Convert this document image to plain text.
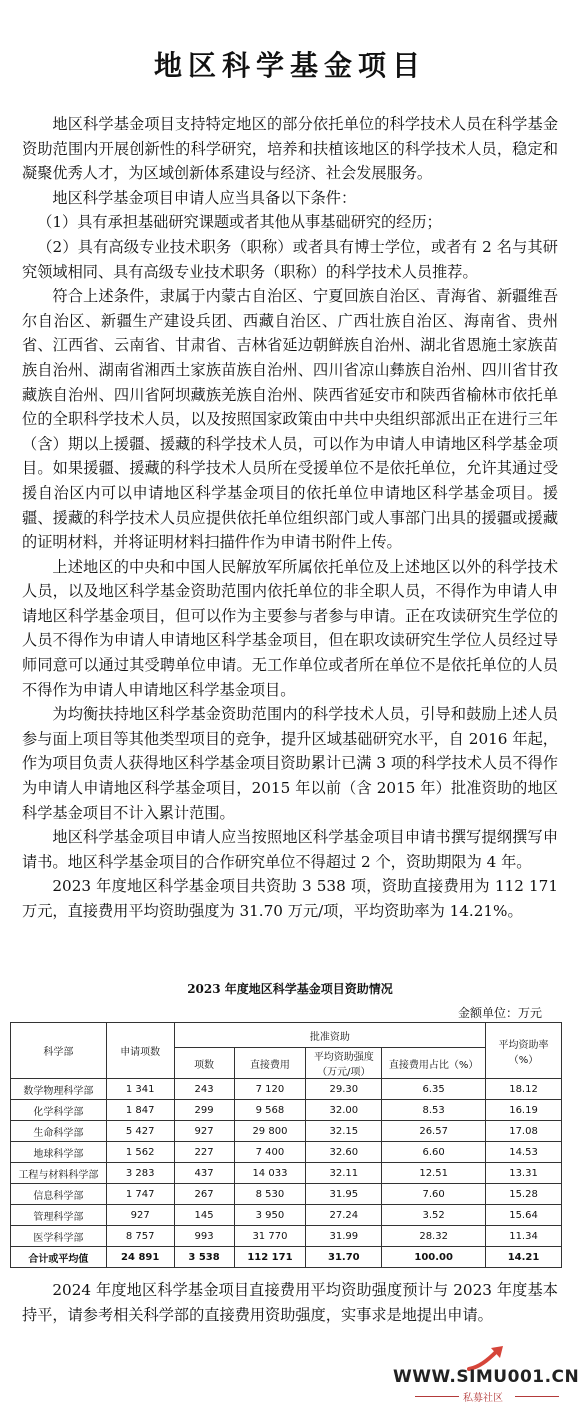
地区科学基金项目

地区科学基金项目支持特定地区的部分依托单位的科学技术人员在科学基金资助范围内开展创新性的科学研究，培养和扶植该地区的科学技术人员，稳定和凝聚优秀人才，为区域创新体系建设与经济、社会发展服务。

地区科学基金项目申请人应当具备以下条件：

（1）具有承担基础研究课题或者其他从事基础研究的经历；

（2）具有高级专业技术职务（职称）或者具有博士学位，或者有 2 名与其研究领域相同、具有高级专业技术职务（职称）的科学技术人员推荐。

符合上述条件，隶属于内蒙古自治区、宁夏回族自治区、青海省、新疆维吾尔自治区、新疆生产建设兵团、西藏自治区、广西壮族自治区、海南省、贵州省、江西省、云南省、甘肃省、吉林省延边朝鲜族自治州、湖北省恩施土家族苗族自治州、湖南省湘西土家族苗族自治州、四川省凉山彝族自治州、四川省甘孜藏族自治州、四川省阿坝藏族羌族自治州、陕西省延安市和陕西省榆林市依托单位的全职科学技术人员，以及按照国家政策由中共中央组织部派出正在进行三年（含）期以上援疆、援藏的科学技术人员，可以作为申请人申请地区科学基金项目。如果援疆、援藏的科学技术人员所在受援单位不是依托单位，允许其通过受援自治区内可以申请地区科学基金项目的依托单位申请地区科学基金项目。援疆、援藏的科学技术人员应提供依托单位组织部门或人事部门出具的援疆或援藏的证明材料，并将证明材料扫描件作为申请书附件上传。

上述地区的中央和中国人民解放军所属依托单位及上述地区以外的科学技术人员，以及地区科学基金资助范围内依托单位的非全职人员，不得作为申请人申请地区科学基金项目，但可以作为主要参与者参与申请。正在攻读研究生学位的人员不得作为申请人申请地区科学基金项目，但在职攻读研究生学位人员经过导师同意可以通过其受聘单位申请。无工作单位或者所在单位不是依托单位的人员不得作为申请人申请地区科学基金项目。

为均衡扶持地区科学基金资助范围内的科学技术人员，引导和鼓励上述人员参与面上项目等其他类型项目的竞争，提升区域基础研究水平，自 2016 年起，作为项目负责人获得地区科学基金项目资助累计已满 3 项的科学技术人员不得作为申请人申请地区科学基金项目，2015 年以前（含 2015 年）批准资助的地区科学基金项目不计入累计范围。

地区科学基金项目申请人应当按照地区科学基金项目申请书撰写提纲撰写申请书。地区科学基金项目的合作研究单位不得超过 2 个，资助期限为 4 年。

2023 年度地区科学基金项目共资助 3 538 项，资助直接费用为 112 171 万元，直接费用平均资助强度为 31.70 万元/项，平均资助率为 14.21%。

2023 年度地区科学基金项目资助情况
金额单位：万元
科学部	申请项数	批准资助				平均资助率（%）
		项数	直接费用	平均资助强度（万元/项）	直接费用占比（%）	
数学物理科学部	1 341	243	7 120	29.30	6.35	18.12
化学科学部	1 847	299	9 568	32.00	8.53	16.19
生命科学部	5 427	927	29 800	32.15	26.57	17.08
地球科学部	1 562	227	7 400	32.60	6.60	14.53
工程与材料科学部	3 283	437	14 033	32.11	12.51	13.31
信息科学部	1 747	267	8 530	31.95	7.60	15.28
管理科学部	927	145	3 950	27.24	3.52	15.64
医学科学部	8 757	993	31 770	31.99	28.32	11.34
合计或平均值	24 891	3 538	112 171	31.70	100.00	14.21

2024 年度地区科学基金项目直接费用平均资助强度预计与 2023 年度基本持平，请参考相关科学部的直接费用资助强度，实事求是地提出申请。

WWW.SIMU001.CN
私募社区
